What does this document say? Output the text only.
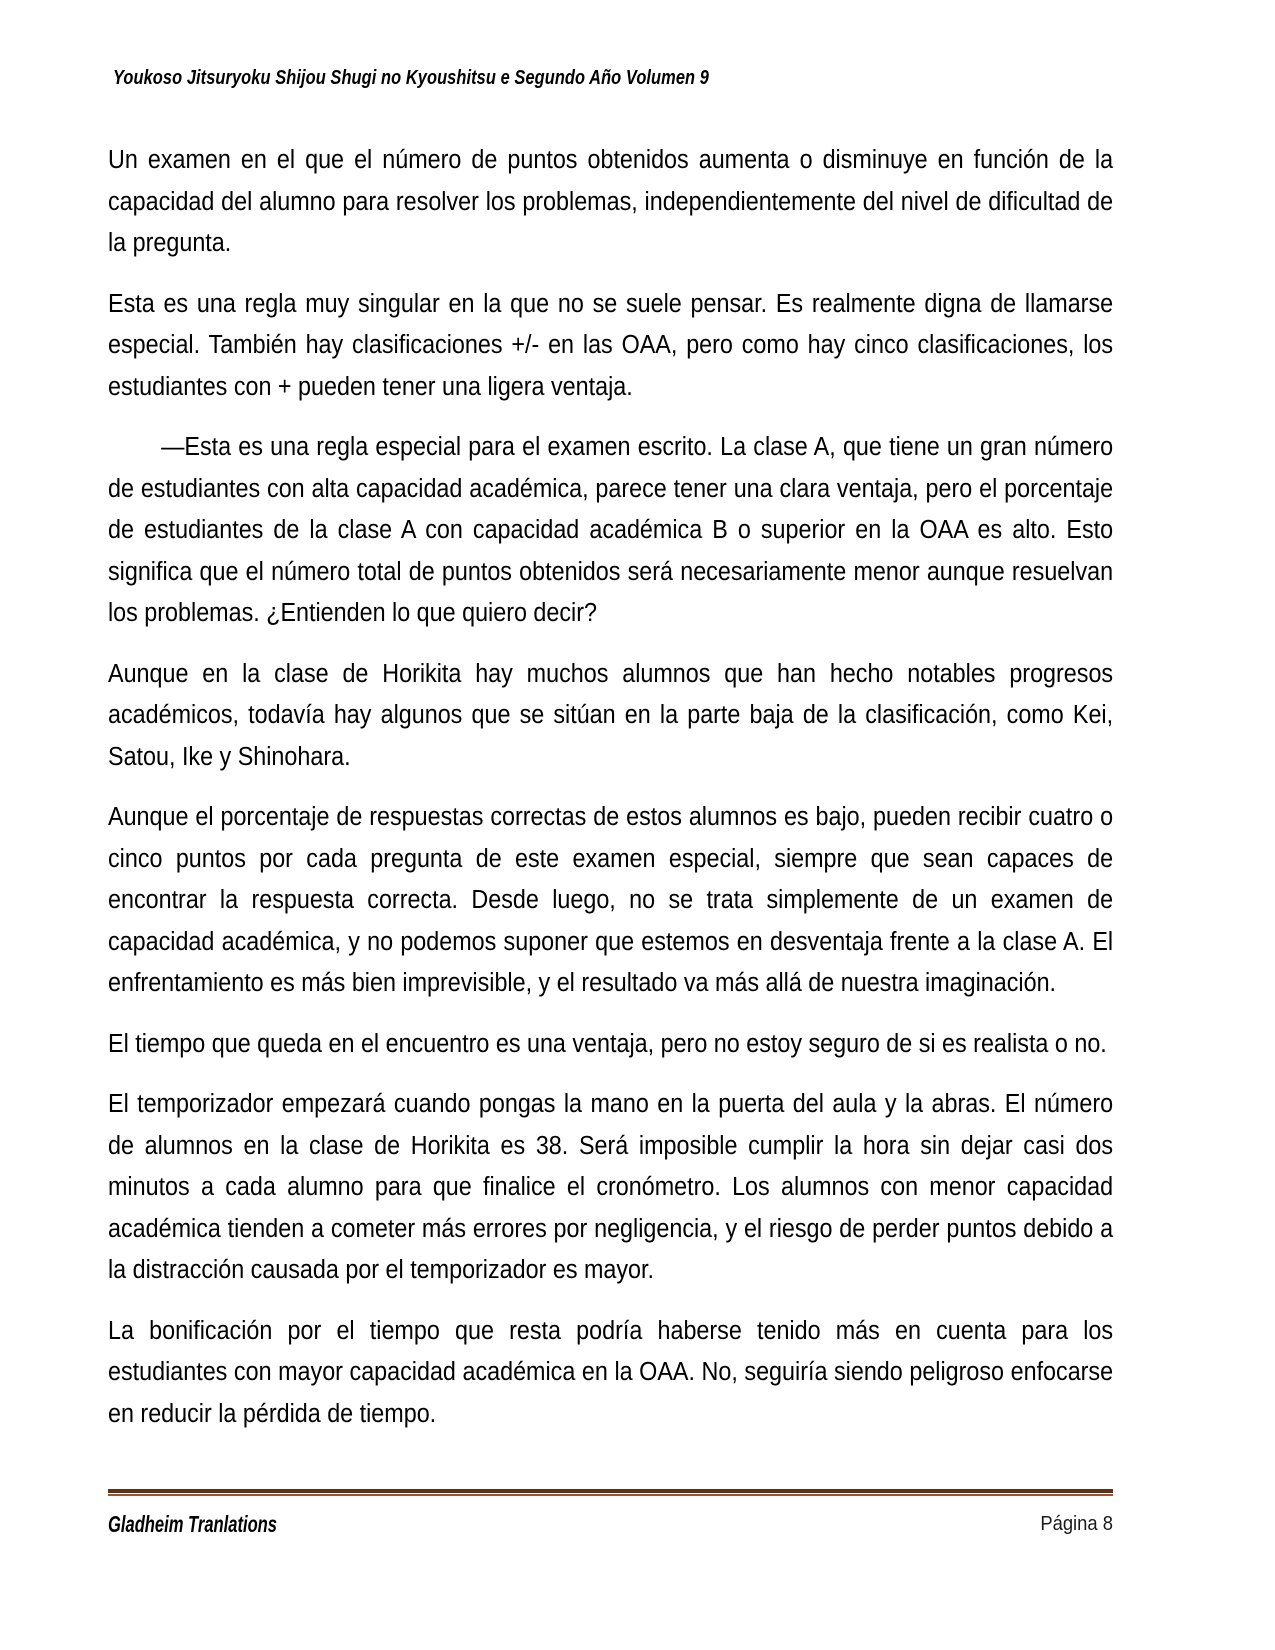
Youkoso Jitsuryoku Shijou Shugi no Kyoushitsu e Segundo Año Volumen 9

Un examen en el que el número de puntos obtenidos aumenta o disminuye en función de la capacidad del alumno para resolver los problemas, independientemente del nivel de dificultad de la pregunta.

Esta es una regla muy singular en la que no se suele pensar. Es realmente digna de llamarse especial. También hay clasificaciones +/- en las OAA, pero como hay cinco clasificaciones, los estudiantes con + pueden tener una ligera ventaja.

—Esta es una regla especial para el examen escrito. La clase A, que tiene un gran número de estudiantes con alta capacidad académica, parece tener una clara ventaja, pero el porcentaje de estudiantes de la clase A con capacidad académica B o superior en la OAA es alto. Esto significa que el número total de puntos obtenidos será necesariamente menor aunque resuelvan los problemas. ¿Entienden lo que quiero decir?

Aunque en la clase de Horikita hay muchos alumnos que han hecho notables progresos académicos, todavía hay algunos que se sitúan en la parte baja de la clasificación, como Kei, Satou, Ike y Shinohara.

Aunque el porcentaje de respuestas correctas de estos alumnos es bajo, pueden recibir cuatro o cinco puntos por cada pregunta de este examen especial, siempre que sean capaces de encontrar la respuesta correcta. Desde luego, no se trata simplemente de un examen de capacidad académica, y no podemos suponer que estemos en desventaja frente a la clase A. El enfrentamiento es más bien imprevisible, y el resultado va más allá de nuestra imaginación.

El tiempo que queda en el encuentro es una ventaja, pero no estoy seguro de si es realista o no.

El temporizador empezará cuando pongas la mano en la puerta del aula y la abras. El número de alumnos en la clase de Horikita es 38. Será imposible cumplir la hora sin dejar casi dos minutos a cada alumno para que finalice el cronómetro. Los alumnos con menor capacidad académica tienden a cometer más errores por negligencia, y el riesgo de perder puntos debido a la distracción causada por el temporizador es mayor.

La bonificación por el tiempo que resta podría haberse tenido más en cuenta para los estudiantes con mayor capacidad académica en la OAA. No, seguiría siendo peligroso enfocarse en reducir la pérdida de tiempo.

Gladheim Tranlations	Página 8
